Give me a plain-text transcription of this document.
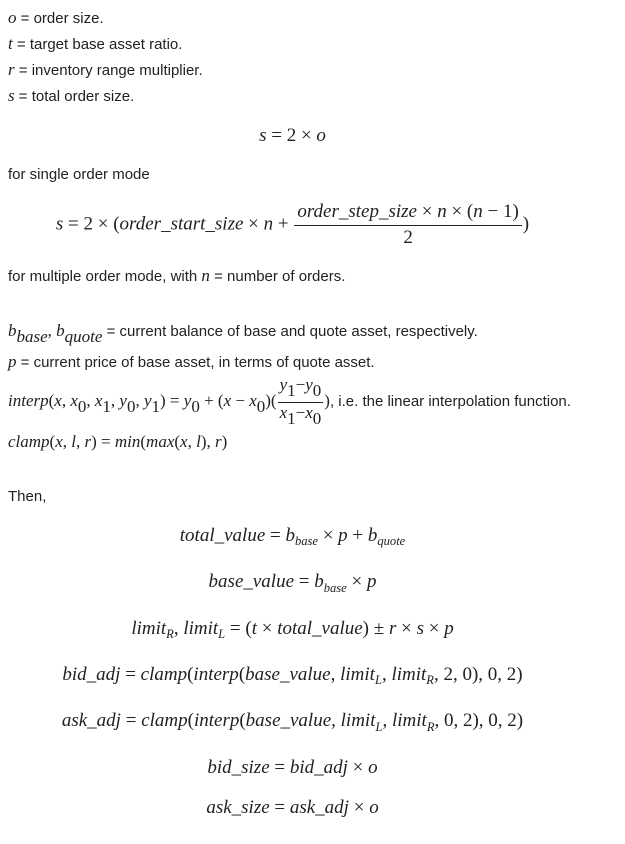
o = order size.
t = target base asset ratio.
r = inventory range multiplier.
s = total order size.
s = 2 × o
for single order mode
s = 2 × (order_start_size × $n + \frac{\text{order\_step\_size × n × (n − 1)}}{2}$ )
for multiple order mode, with n = number of orders.
bbase, bquote = current balance of base and quote asset, respectively.
p = current price of base asset, in terms of quote asset.
interp(x, x0, x1, y0, $y1) = y0 + (x - x0)( \frac{y1-y0}{x1-x0}$ ), i.e. the linear interpolation function.
clamp(x, l, r) = min(max(x, l), r)
Then,
total_value = bbase × p + bquote
base_value = bbase × p
limitR, limitL = (t × total_value) ± r × s × p
bid_adj = clamp(interp(base_value, limitL, limitR, 2, 0), 0, 2)
ask_adj = clamp(interp(base_value, limitL, limitR, 0, 2), 0, 2)
bid_size = bid_adj × o
ask_size = ask_adj × o
